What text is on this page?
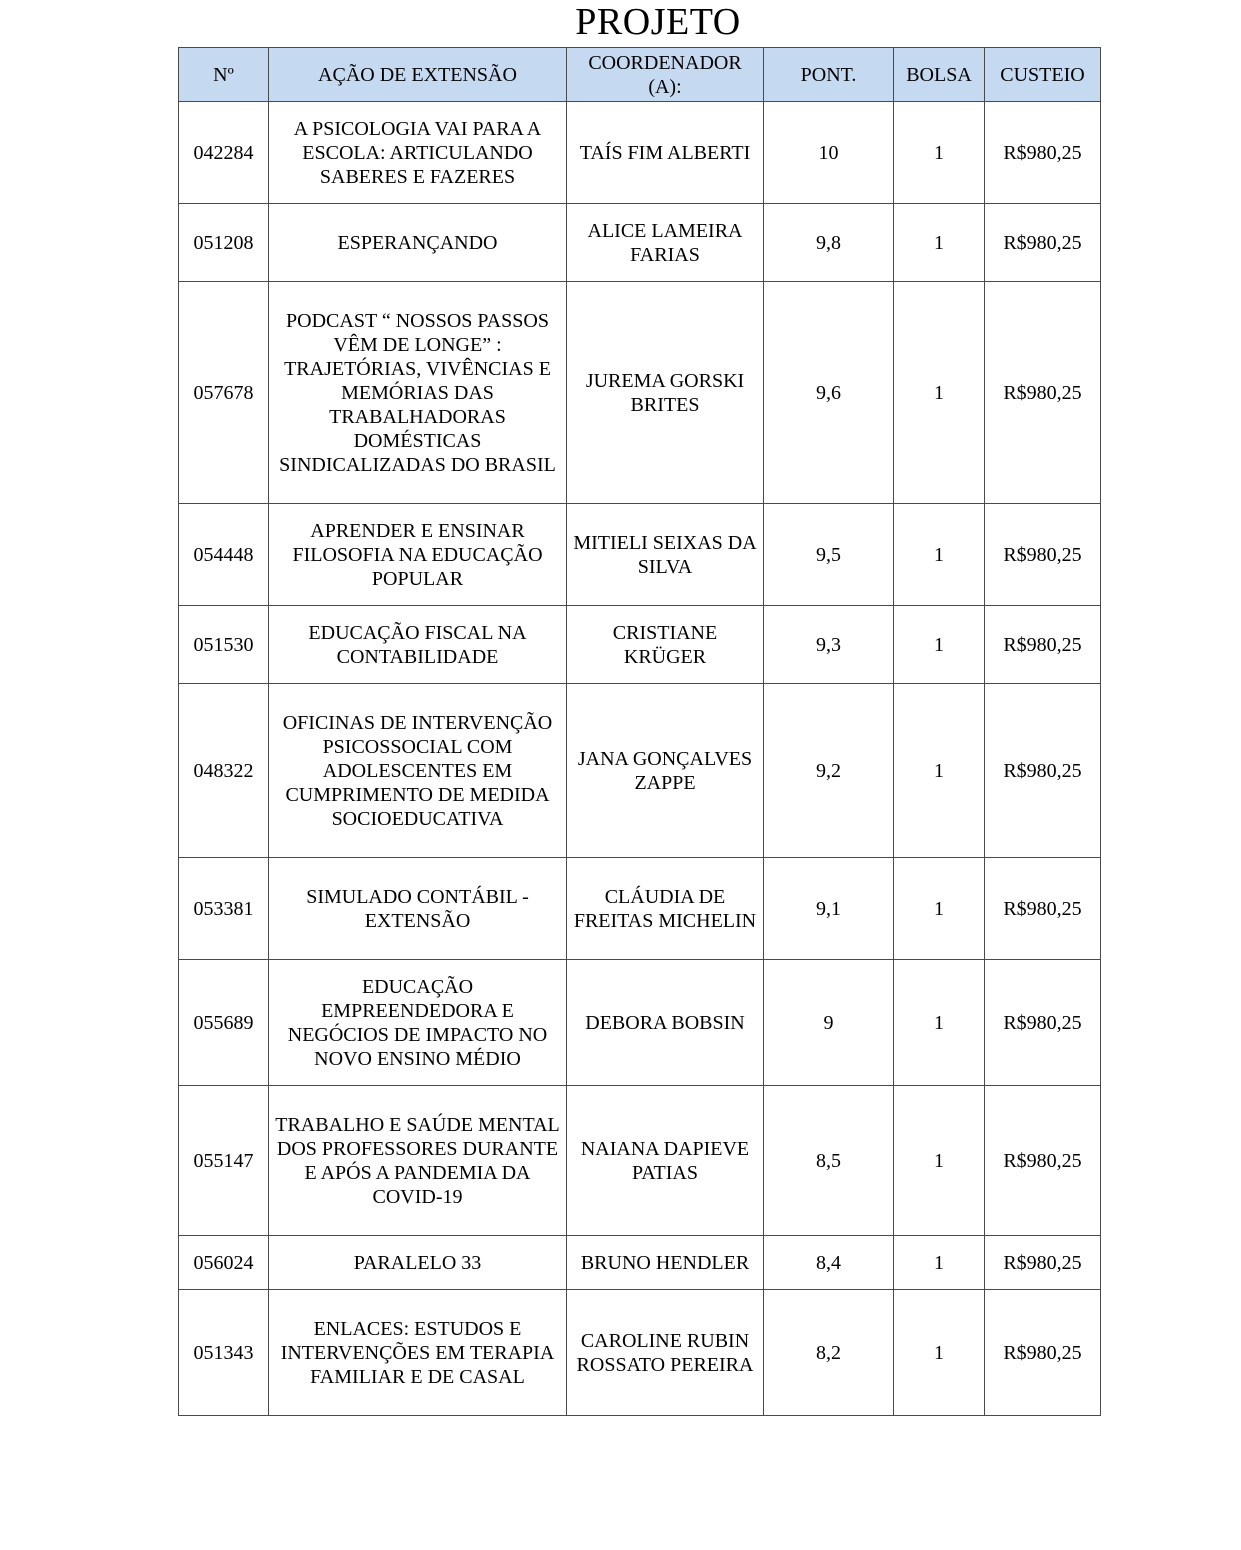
PROJETO
Nº	AÇÃO DE EXTENSÃO	COORDENADOR (A):	PONT.	BOLSA	CUSTEIO
042284	A PSICOLOGIA VAI PARA A ESCOLA: ARTICULANDO SABERES E FAZERES	TAÍS FIM ALBERTI	10	1	R$980,25
051208	ESPERANÇANDO	ALICE LAMEIRA FARIAS	9,8	1	R$980,25
057678	PODCAST “ NOSSOS PASSOS VÊM DE LONGE” : TRAJETÓRIAS, VIVÊNCIAS E MEMÓRIAS DAS TRABALHADORAS DOMÉSTICAS SINDICALIZADAS DO BRASIL	JUREMA GORSKI BRITES	9,6	1	R$980,25
054448	APRENDER E ENSINAR FILOSOFIA NA EDUCAÇÃO POPULAR	MITIELI SEIXAS DA SILVA	9,5	1	R$980,25
051530	EDUCAÇÃO FISCAL NA CONTABILIDADE	CRISTIANE KRÜGER	9,3	1	R$980,25
048322	OFICINAS DE INTERVENÇÃO PSICOSSOCIAL COM ADOLESCENTES EM CUMPRIMENTO DE MEDIDA SOCIOEDUCATIVA	JANA GONÇALVES ZAPPE	9,2	1	R$980,25
053381	SIMULADO CONTÁBIL - EXTENSÃO	CLÁUDIA DE FREITAS MICHELIN	9,1	1	R$980,25
055689	EDUCAÇÃO EMPREENDEDORA E NEGÓCIOS DE IMPACTO NO NOVO ENSINO MÉDIO	DEBORA BOBSIN	9	1	R$980,25
055147	TRABALHO E SAÚDE MENTAL DOS PROFESSORES DURANTE E APÓS A PANDEMIA DA COVID-19	NAIANA DAPIEVE PATIAS	8,5	1	R$980,25
056024	PARALELO 33	BRUNO HENDLER	8,4	1	R$980,25
051343	ENLACES: ESTUDOS E INTERVENÇÕES EM TERAPIA FAMILIAR E DE CASAL	CAROLINE RUBIN ROSSATO PEREIRA	8,2	1	R$980,25
